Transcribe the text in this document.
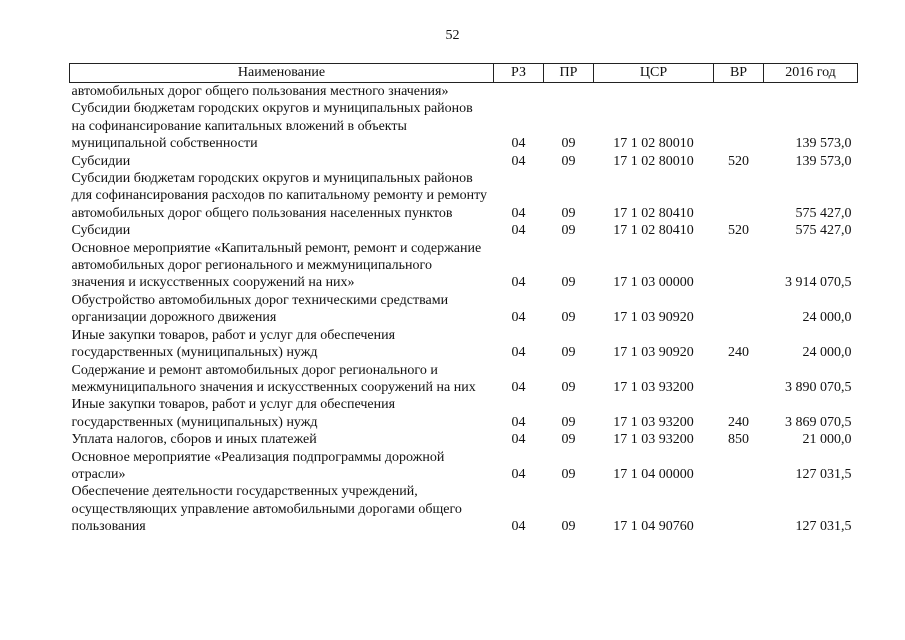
52
Наименование	РЗ	ПР	ЦСР	ВР	2016 год
автомобильных дорог общего пользования местного значения»					
Субсидии бюджетам городских округов и муниципальных районов на софинансирование капитальных вложений в объекты муниципальной собственности	04	09	17 1 02 80010		139 573,0
Субсидии	04	09	17 1 02 80010	520	139 573,0
Субсидии бюджетам городских округов и муниципальных районов для софинансирования расходов по капитальному ремонту и ремонту автомобильных дорог общего пользования населенных пунктов	04	09	17 1 02 80410		575 427,0
Субсидии	04	09	17 1 02 80410	520	575 427,0
Основное мероприятие «Капитальный ремонт, ремонт и содержание автомобильных дорог регионального и межмуниципального значения и искусственных сооружений на них»	04	09	17 1 03 00000		3 914 070,5
Обустройство автомобильных дорог техническими средствами организации дорожного движения	04	09	17 1 03 90920		24 000,0
Иные закупки товаров, работ и услуг для обеспечения государственных (муниципальных) нужд	04	09	17 1 03 90920	240	24 000,0
Содержание и ремонт автомобильных дорог регионального и межмуниципального значения и искусственных сооружений на них	04	09	17 1 03 93200		3 890 070,5
Иные закупки товаров, работ и услуг для обеспечения государственных (муниципальных) нужд	04	09	17 1 03 93200	240	3 869 070,5
Уплата налогов, сборов и иных платежей	04	09	17 1 03 93200	850	21 000,0
Основное мероприятие «Реализация подпрограммы дорожной отрасли»	04	09	17 1 04 00000		127 031,5
Обеспечение деятельности государственных учреждений, осуществляющих управление автомобильными дорогами общего пользования	04	09	17 1 04 90760		127 031,5
